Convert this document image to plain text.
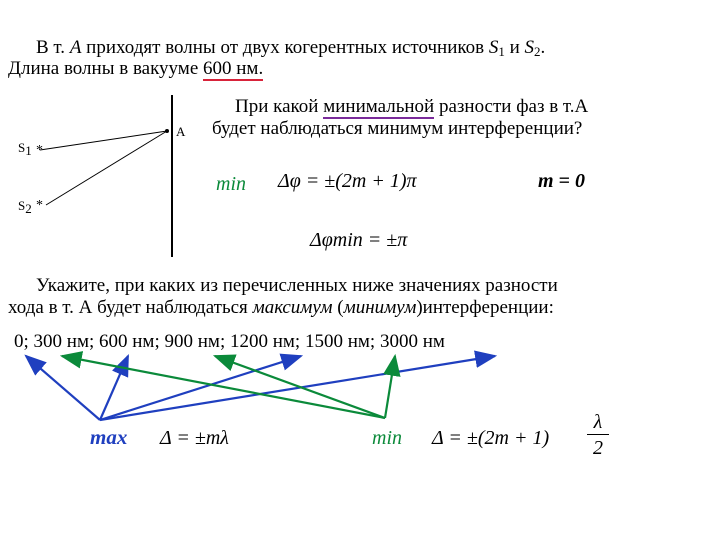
В т. A приходят волны от двух когерентных источников $S_1$ и $S_2$.
Длина волны в вакууме 600 нм.
При какой минимальной разности фаз в т.А
будет наблюдаться минимум интерференции?
*
*
A
$S_1$
$S_2$
min Δφ = ±(2m + 1)π	m = 0
Δφmin = ±π
Укажите, при каких из перечисленных ниже значениях разности
хода в т. А будет наблюдаться максимум (минимум)интерференции:
0; 300 нм; 600 нм; 900 нм; 1200 нм; 1500 нм; 3000 нм
max Δ = ±mλ	min Δ = ±(2m + 1)
λ
2
